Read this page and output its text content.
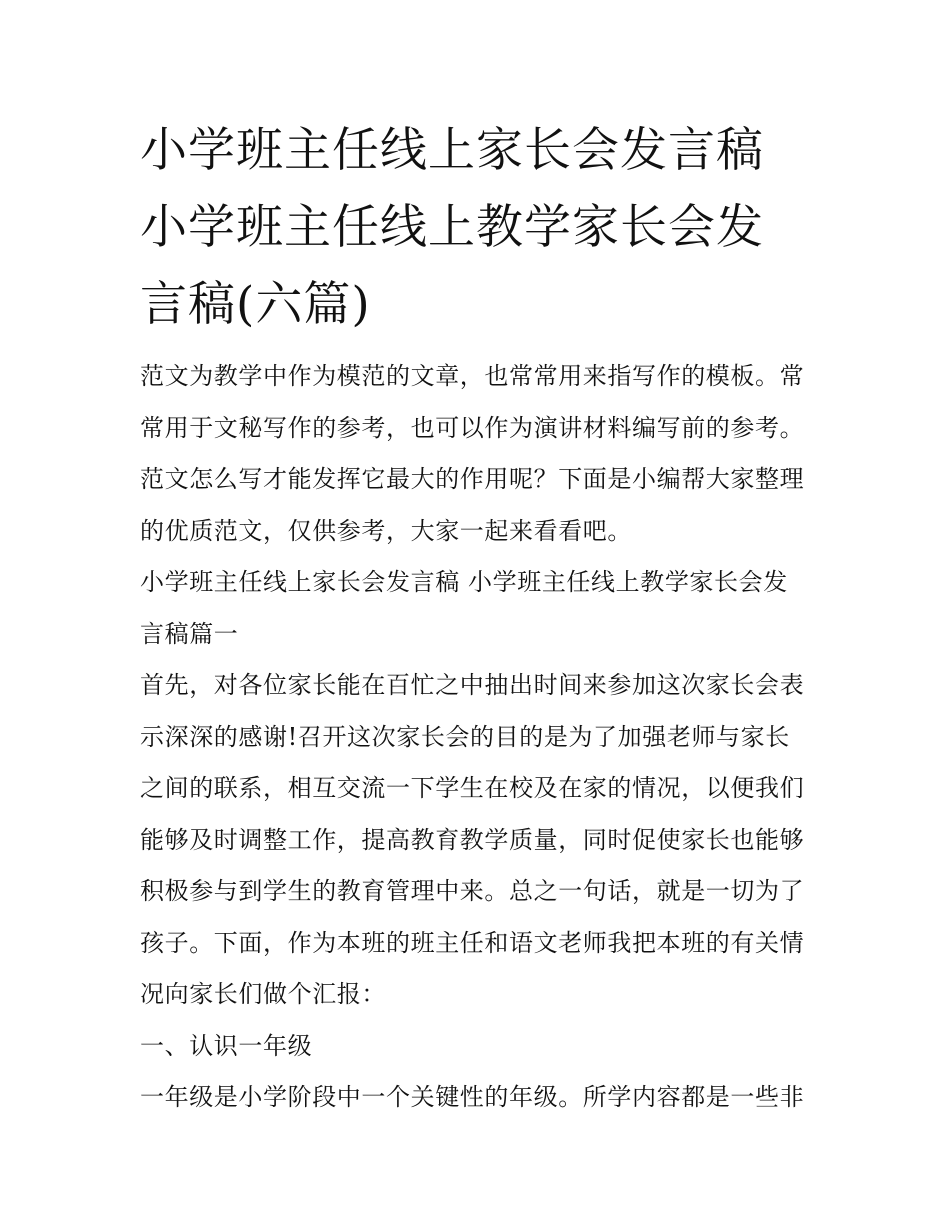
小学班主任线上家长会发言稿
小学班主任线上教学家长会发
言稿(六篇)
范文为教学中作为模范的文章，也常常用来指写作的模板。常
常用于文秘写作的参考，也可以作为演讲材料编写前的参考。
范文怎么写才能发挥它最大的作用呢？下面是小编帮大家整理
的优质范文，仅供参考，大家一起来看看吧。
小学班主任线上家长会发言稿 小学班主任线上教学家长会发
言稿篇一
首先，对各位家长能在百忙之中抽出时间来参加这次家长会表
示深深的感谢!召开这次家长会的目的是为了加强老师与家长
之间的联系，相互交流一下学生在校及在家的情况，以便我们
能够及时调整工作，提高教育教学质量，同时促使家长也能够
积极参与到学生的教育管理中来。总之一句话，就是一切为了
孩子。下面，作为本班的班主任和语文老师我把本班的有关情
况向家长们做个汇报：
一、认识一年级
一年级是小学阶段中一个关键性的年级。所学内容都是一些非
